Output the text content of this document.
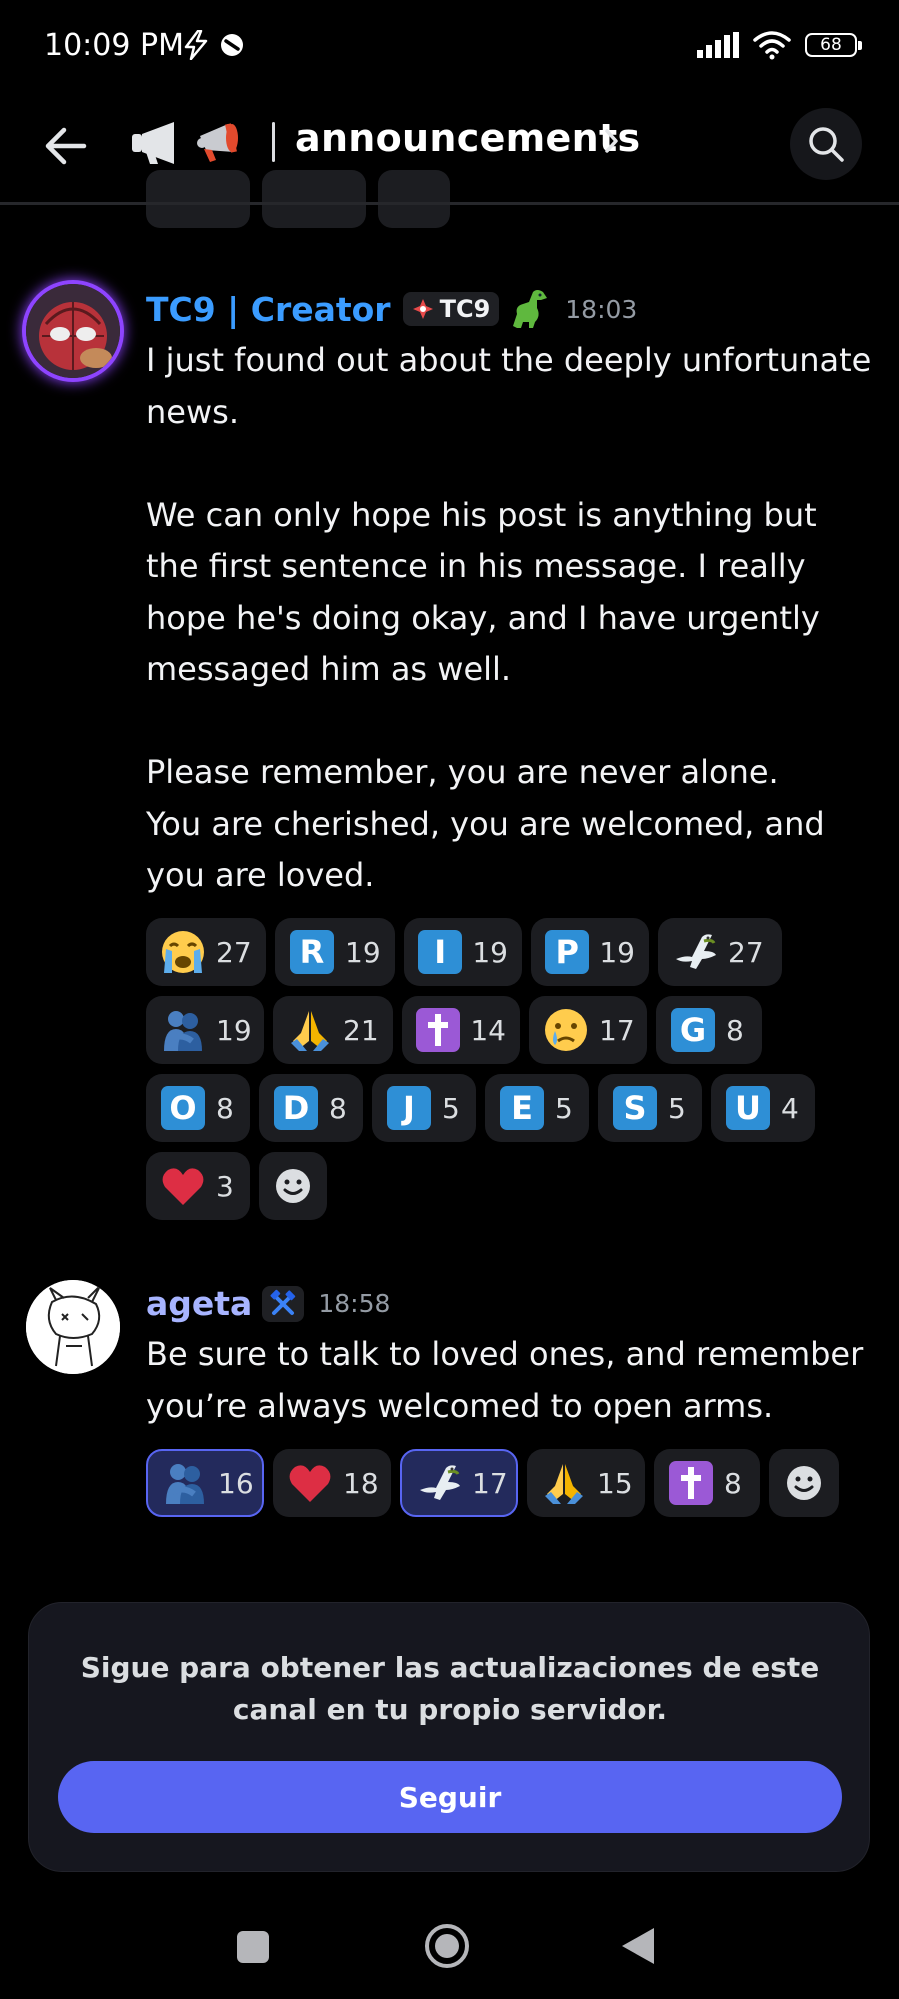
10:09 PM	68
announcements
TC9 | Creator TC9	18:03

I just found out about the deeply unfortunate news.

We can only hope his post is anything but the first sentence in his message. I really hope he's doing okay, and I have urgently messaged him as well.

Please remember, you are never alone.
You are cherished, you are welcomed, and you are loved.

27	R 19	I 19	P 19	27
19	21	14	17 G 8
O 8 D 8	J 5	E 5	S 5 U 4
3
ageta	18:58

Be sure to talk to loved ones, and remember you’re always welcomed to open arms.

16	18	17	15	8
Sigue para obtener las actualizaciones de este canal en tu propio servidor.
Seguir
